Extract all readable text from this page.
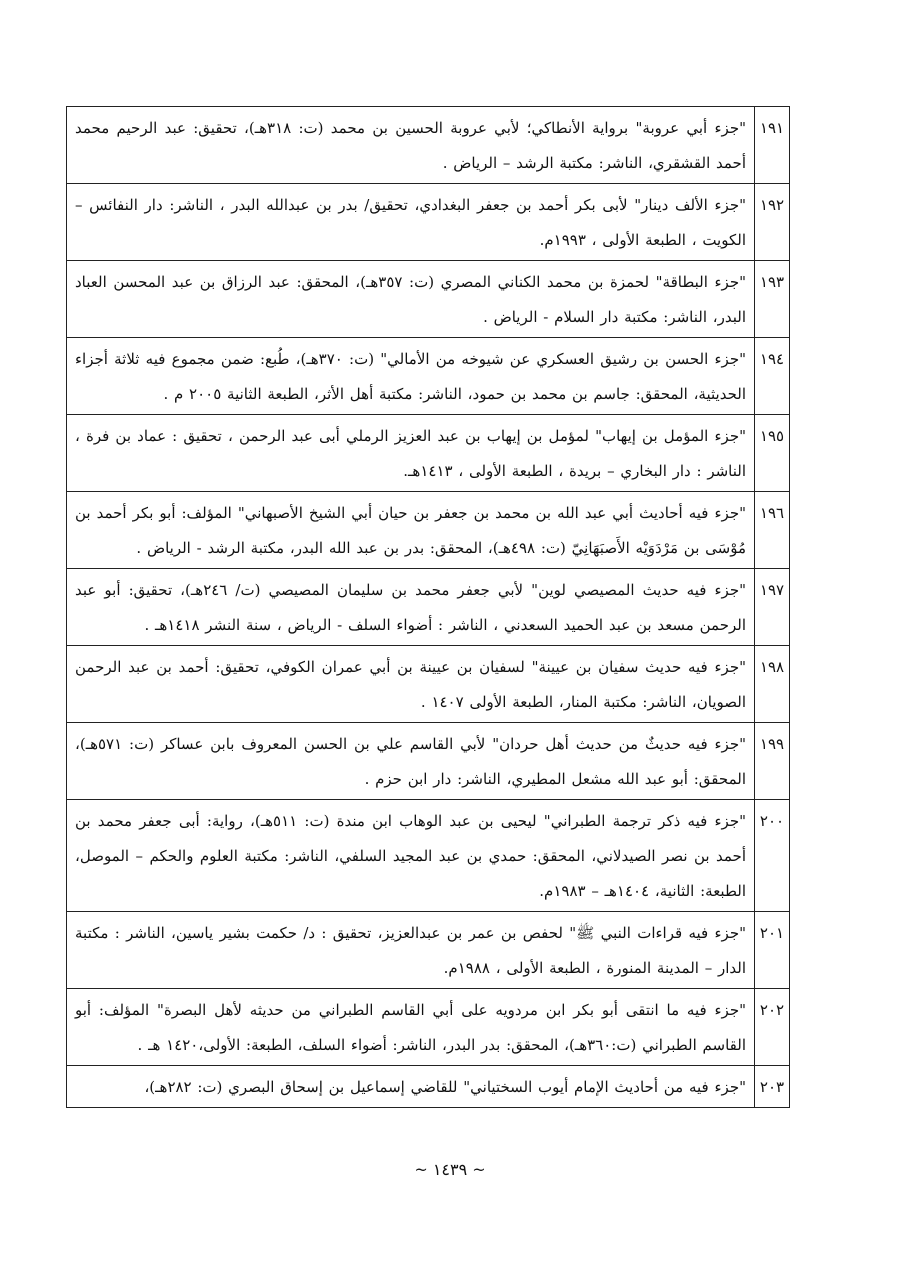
١٩١	"جزء أبي عروبة" برواية الأنطاكي؛ لأبي عروبة الحسين بن محمد (ت: ٣١٨هـ)، تحقيق: عبد الرحيم محمد أحمد القشقري، الناشر: مكتبة الرشد – الرياض .
١٩٢	"جزء الألف دينار" لأبى بكر أحمد بن جعفر البغدادي، تحقيق/ بدر بن عبدالله البدر ، الناشر: دار النفائس – الكويت ، الطبعة الأولى ، ١٩٩٣م.
١٩٣	"جزء البطاقة" لحمزة بن محمد الكناني المصري (ت: ٣٥٧هـ)، المحقق: عبد الرزاق بن عبد المحسن العباد البدر، الناشر: مكتبة دار السلام - الرياض .
١٩٤	"جزء الحسن بن رشيق العسكري عن شيوخه من الأمالي" (ت: ٣٧٠هـ)، طُبع: ضمن مجموع فيه ثلاثة أجزاء الحديثية، المحقق: جاسم بن محمد بن حمود، الناشر: مكتبة أهل الأثر، الطبعة الثانية ٢٠٠٥ م .
١٩٥	"جزء المؤمل بن إيهاب" لمؤمل بن إيهاب بن عبد العزيز الرملي أبى عبد الرحمن ، تحقيق : عماد بن فرة ، الناشر : دار البخاري – بريدة ، الطبعة الأولى ، ١٤١٣هـ.
١٩٦	"جزء فيه أحاديث أبي عبد الله بن محمد بن جعفر بن حيان أبي الشيخ الأصبهاني" المؤلف: أبو بكر أحمد بن مُوْسَى بن مَرْدَوَيْه الأَصبَهَانِيّ (ت: ٤٩٨هـ)، المحقق: بدر بن عبد الله البدر، مكتبة الرشد - الرياض .
١٩٧	"جزء فيه حديث المصيصي لوين" لأبي جعفر محمد بن سليمان المصيصي (ت/ ٢٤٦هـ)، تحقيق: أبو عبد الرحمن مسعد بن عبد الحميد السعدني ، الناشر : أضواء السلف - الرياض ، سنة النشر ١٤١٨هـ .
١٩٨	"جزء فيه حديث سفيان بن عيينة" لسفيان بن عيينة بن أبي عمران الكوفي، تحقيق: أحمد بن عبد الرحمن الصويان، الناشر: مكتبة المنار، الطبعة الأولى ١٤٠٧ .
١٩٩	"جزء فيه حديثٌ من حديث أهل حردان" لأبي القاسم علي بن الحسن المعروف بابن عساكر (ت: ٥٧١هـ)، المحقق: أبو عبد الله مشعل المطيري، الناشر: دار ابن حزم .
٢٠٠	"جزء فيه ذكر ترجمة الطبراني" ليحيى بن عبد الوهاب ابن مندة (ت: ٥١١هـ)، رواية: أبى جعفر محمد بن أحمد بن نصر الصيدلاني، المحقق: حمدي بن عبد المجيد السلفي، الناشر: مكتبة العلوم والحكم – الموصل، الطبعة: الثانية، ١٤٠٤هـ – ١٩٨٣م.
٢٠١	"جزء فيه قراءات النبي ﷺ" لحفص بن عمر بن عبدالعزيز، تحقيق : د/ حكمت بشير ياسين، الناشر : مكتبة الدار – المدينة المنورة ، الطبعة الأولى ، ١٩٨٨م.
٢٠٢	"جزء فيه ما انتقى أبو بكر ابن مردويه على أبي القاسم الطبراني من حديثه لأهل البصرة" المؤلف: أبو القاسم الطبراني (ت:٣٦٠هـ)، المحقق: بدر البدر، الناشر: أضواء السلف، الطبعة: الأولى،١٤٢٠ هـ .
٢٠٣	"جزء فيه من أحاديث الإمام أيوب السختياني" للقاضي إسماعيل بن إسحاق البصري (ت: ٢٨٢هـ)،
~ ١٤٣٩ ~
